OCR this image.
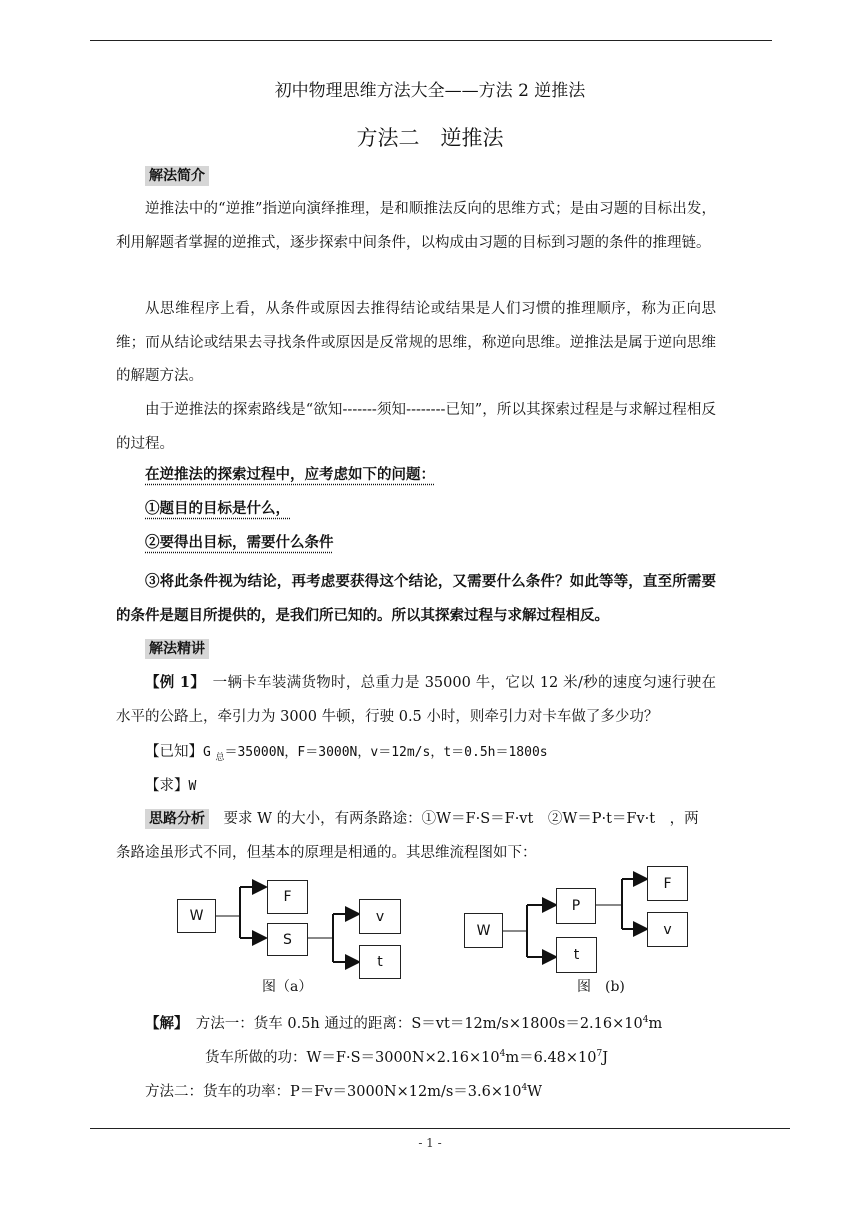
初中物理思维方法大全——方法 2 逆推法
方法二　逆推法
解法简介
逆推法中的“逆推”指逆向演绎推理，是和顺推法反向的思维方式；是由习题的目标出发，利用解题者掌握的逆推式，逐步探索中间条件，以构成由习题的目标到习题的条件的推理链。
从思维程序上看，从条件或原因去推得结论或结果是人们习惯的推理顺序，称为正向思维；而从结论或结果去寻找条件或原因是反常规的思维，称逆向思维。逆推法是属于逆向思维的解题方法。
由于逆推法的探索路线是“欲知-------须知--------已知”，所以其探索过程是与求解过程相反的过程。
在逆推法的探索过程中，应考虑如下的问题：
①题目的目标是什么，
②要得出目标，需要什么条件
③将此条件视为结论，再考虑要获得这个结论，又需要什么条件？如此等等，直至所需要的条件是题目所提供的，是我们所已知的。所以其探索过程与求解过程相反。
解法精讲
【例 1】　 一辆卡车装满货物时，总重力是 35000 牛，它以 12 米/秒的速度匀速行驶在水平的公路上，牵引力为 3000 牛顿，行驶 0.5 小时，则牵引力对卡车做了多少功？
【已知】G $_总$＝35000N，F＝3000N，v＝12m/s，t＝0.5h＝1800s
【求】W
思路分析　 要求 W 的大小，有两条路途：①W＝F·S＝F·vt　②W＝P·t＝Fv·t　，两
条路途虽形式不同，但基本的原理是相通的。其思维流程图如下：
W
F
S
v
t
图（a）
W
P
t
F
v
图　(b)
【解】　 方法一：货车 0.5h 通过的距离：$S=vt=12m/s\times 1800s=2.16\times 10^4m$
货车所做的功：$W=F\cdot S=3000N\times 2.16\times 10^4m=6.48\times 10^7J$
方法二：货车的功率：$P=Fv=3000N\times 12m/s=3.6\times 10^4W$
- 1 -
